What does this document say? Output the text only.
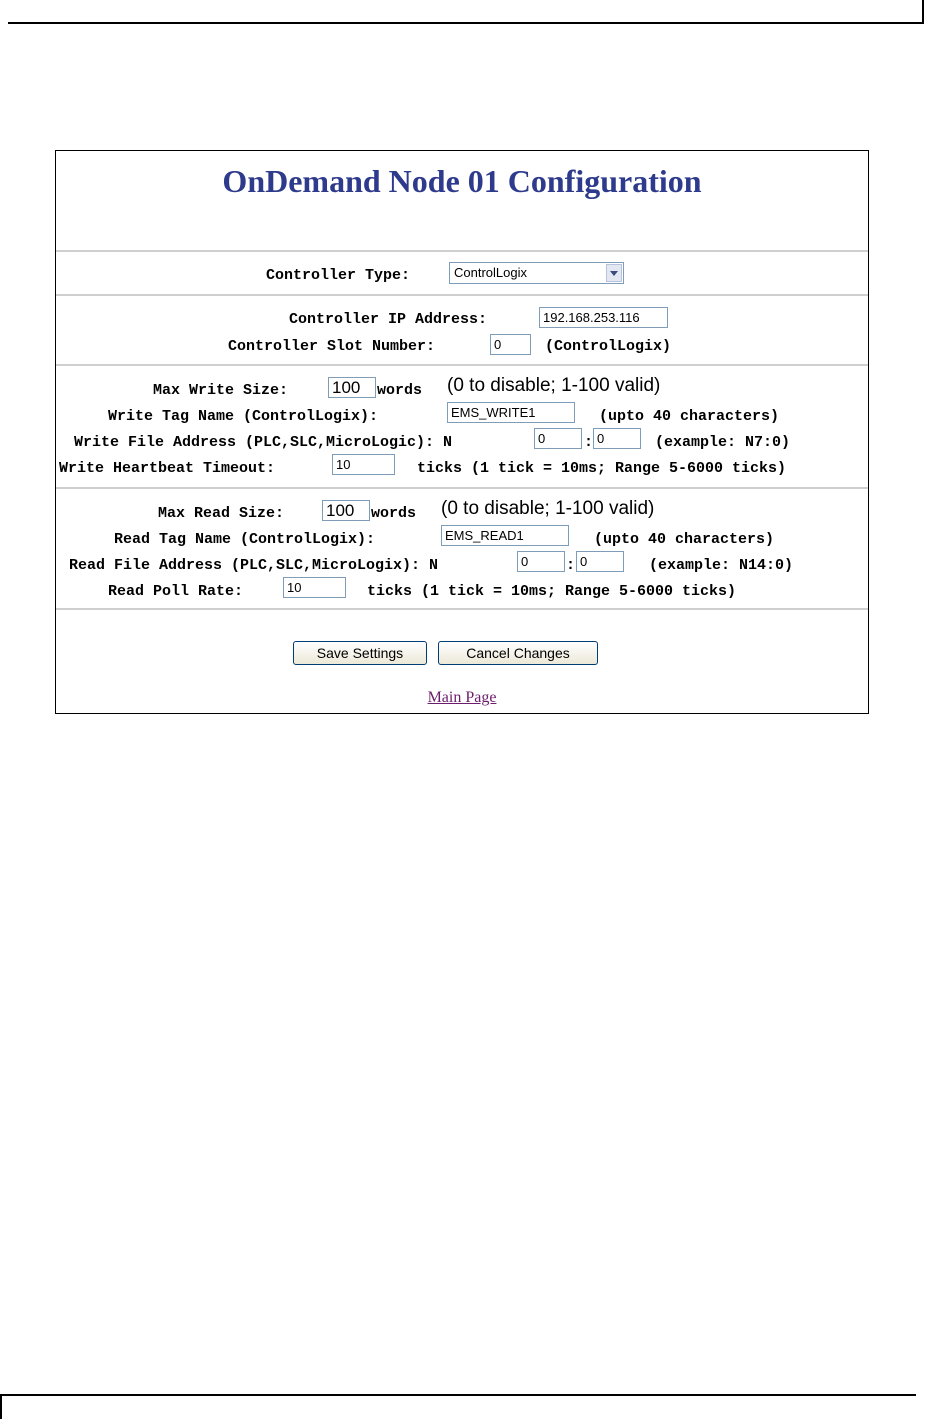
OnDemand Node 01 Configuration
Controller Type:	ControlLogix
Controller IP Address:	192.168.253.116
Controller Slot Number:	0	(ControlLogix)
Max Write Size:	100	words (0 to disable; 1-100 valid)
Write Tag Name (ControlLogix):	EMS_WRITE1	(upto 40 characters)
Write File Address (PLC,SLC,MicroLogic): N	0	: 0	(example: N7:0)
Write Heartbeat Timeout:	10	ticks (1 tick = 10ms; Range 5-6000 ticks)
Max Read Size: 100	words (0 to disable; 1-100 valid)
Read Tag Name (ControlLogix):	EMS_READ1	(upto 40 characters)
Read File Address (PLC,SLC,MicroLogix): N	0	: 0	(example: N14:0)
Read Poll Rate:	10	ticks (1 tick = 10ms; Range 5-6000 ticks)
Save Settings	Cancel Changes
Main Page
